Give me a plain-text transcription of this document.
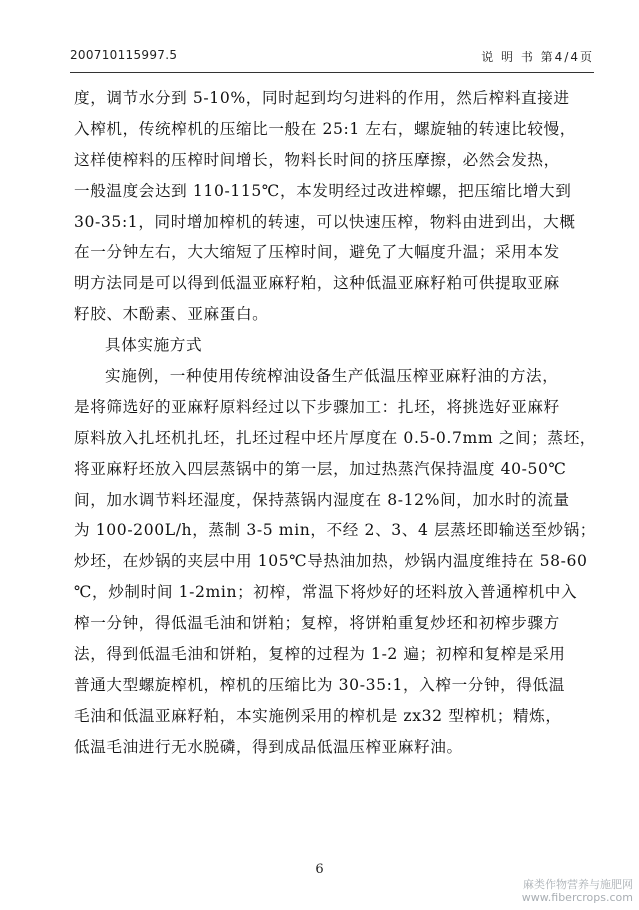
200710115997.5	说 明 书 第4/4页
度，调节水分到 5-10%，同时起到均匀进料的作用，然后榨料直接进
入榨机，传统榨机的压缩比一般在 25:1 左右，螺旋轴的转速比较慢，
这样使榨料的压榨时间增长，物料长时间的挤压摩擦，必然会发热，
一般温度会达到 110-115℃，本发明经过改进榨螺，把压缩比增大到
30-35:1，同时增加榨机的转速，可以快速压榨，物料由进到出，大概
在一分钟左右，大大缩短了压榨时间，避免了大幅度升温；采用本发
明方法同是可以得到低温亚麻籽粕，这种低温亚麻籽粕可供提取亚麻
籽胶、木酚素、亚麻蛋白。
具体实施方式
实施例，一种使用传统榨油设备生产低温压榨亚麻籽油的方法，
是将筛选好的亚麻籽原料经过以下步骤加工：扎坯，将挑选好亚麻籽
原料放入扎坯机扎坯，扎坯过程中坯片厚度在 0.5-0.7mm 之间；蒸坯，
将亚麻籽坯放入四层蒸锅中的第一层，加过热蒸汽保持温度 40-50℃
间，加水调节料坯湿度，保持蒸锅内湿度在 8-12%间，加水时的流量
为 100-200L/h，蒸制 3-5 min，不经 2、3、4 层蒸坯即输送至炒锅；
炒坯，在炒锅的夹层中用 105℃导热油加热，炒锅内温度维持在 58-60
℃，炒制时间 1-2min；初榨，常温下将炒好的坯料放入普通榨机中入
榨一分钟，得低温毛油和饼粕；复榨，将饼粕重复炒坯和初榨步骤方
法，得到低温毛油和饼粕，复榨的过程为 1-2 遍；初榨和复榨是采用
普通大型螺旋榨机，榨机的压缩比为 30-35:1，入榨一分钟，得低温
毛油和低温亚麻籽粕，本实施例采用的榨机是 zx32 型榨机；精炼，
低温毛油进行无水脱磷，得到成品低温压榨亚麻籽油。
6
麻类作物营养与施肥网
www.fibercrops.com
